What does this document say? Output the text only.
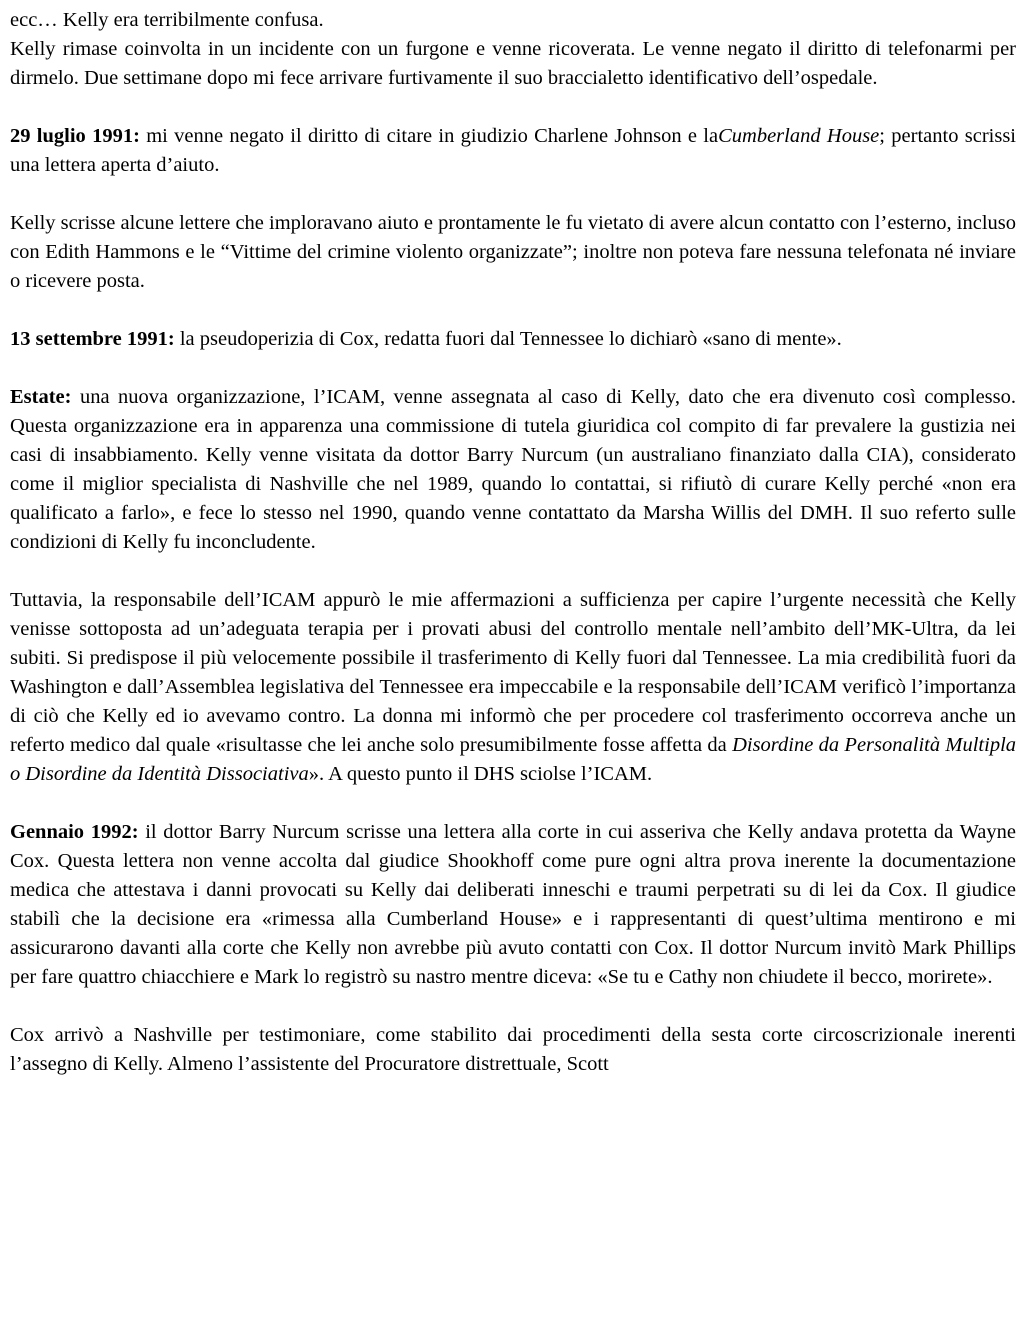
ecc… Kelly era terribilmente confusa.

Kelly rimase coinvolta in un incidente con un furgone e venne ricoverata. Le venne negato il diritto di telefonarmi per dirmelo. Due settimane dopo mi fece arrivare furtivamente il suo braccialetto identificativo dell’ospedale.

29 luglio 1991: mi venne negato il diritto di citare in giudizio Charlene Johnson e laCumberland House; pertanto scrissi una lettera aperta d’aiuto.

Kelly scrisse alcune lettere che imploravano aiuto e prontamente le fu vietato di avere alcun contatto con l’esterno, incluso con Edith Hammons e le “Vittime del crimine violento organizzate”; inoltre non poteva fare nessuna telefonata né inviare o ricevere posta.

13 settembre 1991: la pseudoperizia di Cox, redatta fuori dal Tennessee lo dichiarò «sano di mente».

Estate: una nuova organizzazione, l’ICAM, venne assegnata al caso di Kelly, dato che era divenuto così complesso. Questa organizzazione era in apparenza una commissione di tutela giuridica col compito di far prevalere la gustizia nei casi di insabbiamento. Kelly venne visitata da dottor Barry Nurcum (un australiano finanziato dalla CIA), considerato come il miglior specialista di Nashville che nel 1989, quando lo contattai, si rifiutò di curare Kelly perché «non era qualificato a farlo», e fece lo stesso nel 1990, quando venne contattato da Marsha Willis del DMH. Il suo referto sulle condizioni di Kelly fu inconcludente.

Tuttavia, la responsabile dell’ICAM appurò le mie affermazioni a sufficienza per capire l’urgente necessità che Kelly venisse sottoposta ad un’adeguata terapia per i provati abusi del controllo mentale nell’ambito dell’MK-Ultra, da lei subiti. Si predispose il più velocemente possibile il trasferimento di Kelly fuori dal Tennessee. La mia credibilità fuori da Washington e dall’Assemblea legislativa del Tennessee era impeccabile e la responsabile dell’ICAM verificò l’importanza di ciò che Kelly ed io avevamo contro. La donna mi informò che per procedere col trasferimento occorreva anche un referto medico dal quale «risultasse che lei anche solo presumibilmente fosse affetta da Disordine da Personalità Multipla o Disordine da Identità Dissociativa». A questo punto il DHS sciolse l’ICAM.

Gennaio 1992: il dottor Barry Nurcum scrisse una lettera alla corte in cui asseriva che Kelly andava protetta da Wayne Cox. Questa lettera non venne accolta dal giudice Shookhoff come pure ogni altra prova inerente la documentazione medica che attestava i danni provocati su Kelly dai deliberati inneschi e traumi perpetrati su di lei da Cox. Il giudice stabilì che la decisione era «rimessa alla Cumberland House» e i rappresentanti di quest’ultima mentirono e mi assicurarono davanti alla corte che Kelly non avrebbe più avuto contatti con Cox. Il dottor Nurcum invitò Mark Phillips per fare quattro chiacchiere e Mark lo registrò su nastro mentre diceva: «Se tu e Cathy non chiudete il becco, morirete».

Cox arrivò a Nashville per testimoniare, come stabilito dai procedimenti della sesta corte circoscrizionale inerenti l’assegno di Kelly. Almeno l’assistente del Procuratore distrettuale, Scott
